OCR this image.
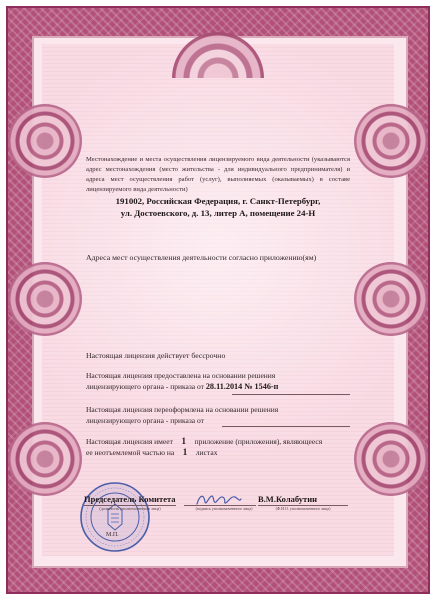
Местонахождение и места осуществления лицензируемого вида деятельности (указываются адрес местонахождения (место жительства - для индивидуального предпринимателя) и адреса мест осуществления работ (услуг), выполняемых (оказываемых) в составе лицензируемого вида деятельности)
191002, Российская Федерация, г. Санкт-Петербург,
ул. Достоевского, д. 13, литер А, помещение 24-Н
Адреса мест осуществления деятельности согласно приложению(ям)
Настоящая лицензия действует бессрочно
Настоящая лицензия предоставлена на основании решения
лицензирующего органа - приказа от 28.11.2014 № 1546-п
Настоящая лицензия переоформлена на основании решения
лицензирующего органа - приказа от
Настоящая лицензия имеет 1 приложение (приложения), являющееся
ее неотъемлемой частью на 1 листах
М.П.
Председатель Комитета
(должность уполномоченного лица)	(подпись уполномоченного лица)
В.М.Колабутин
(Ф.И.О. уполномоченного лица)
